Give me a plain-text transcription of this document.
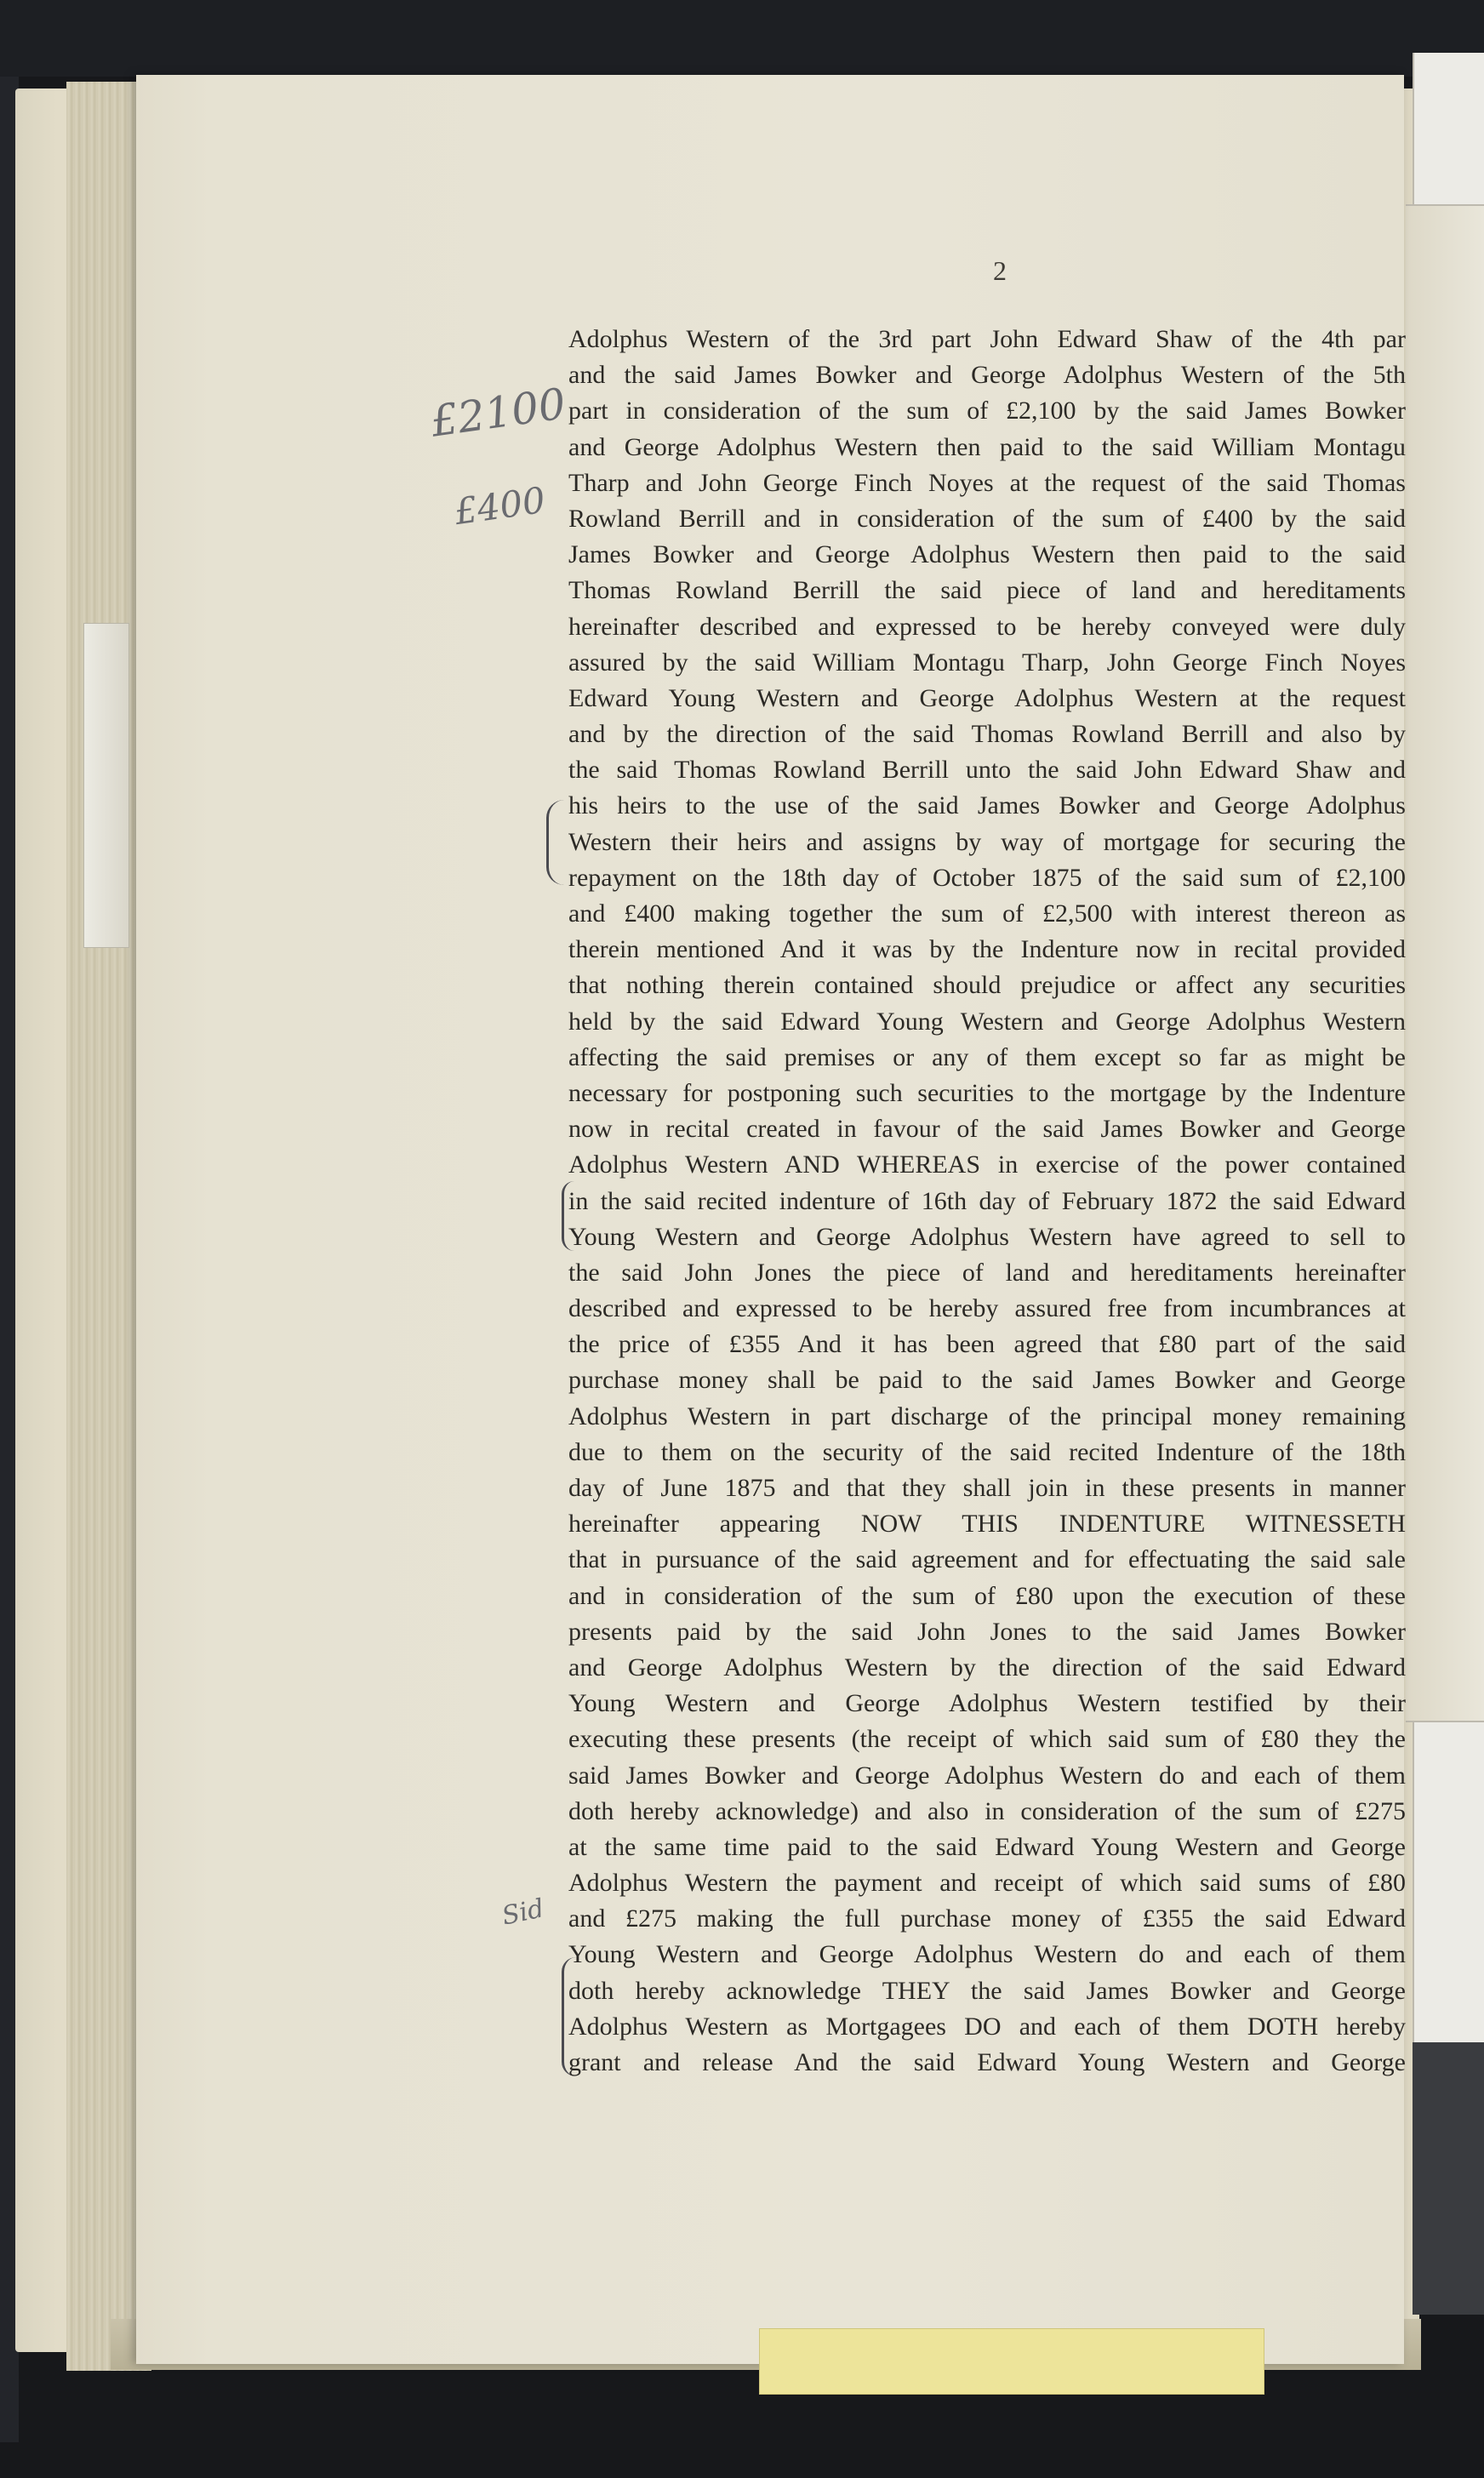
2
£2100
£400
Sid
Adolphus Western of the 3rd part John Edward Shaw of the 4th par
and the said James Bowker and George Adolphus Western of the 5th
part in consideration of the sum of £2,100 by the said James Bowker
and George Adolphus Western then paid to the said William Montagu
Tharp and John George Finch Noyes at the request of the said Thomas
Rowland Berrill and in consideration of the sum of £400 by the said
James Bowker and George Adolphus Western then paid to the said
Thomas Rowland Berrill the said piece of land and hereditaments
hereinafter described and expressed to be hereby conveyed were duly
assured by the said William Montagu Tharp, John George Finch Noyes
Edward Young Western and George Adolphus Western at the request
and by the direction of the said Thomas Rowland Berrill and also by
the said Thomas Rowland Berrill unto the said John Edward Shaw and
his heirs to the use of the said James Bowker and George Adolphus
Western their heirs and assigns by way of mortgage for securing the
repayment on the 18th day of October 1875 of the said sum of £2,100
and £400 making together the sum of £2,500 with interest thereon as
therein mentioned And it was by the Indenture now in recital provided
that nothing therein contained should prejudice or affect any securities
held by the said Edward Young Western and George Adolphus Western
affecting the said premises or any of them except so far as might be
necessary for postponing such securities to the mortgage by the Indenture
now in recital created in favour of the said James Bowker and George
Adolphus Western AND WHEREAS in exercise of the power contained
in the said recited indenture of 16th day of February 1872 the said Edward
Young Western and George Adolphus Western have agreed to sell to
the said John Jones the piece of land and hereditaments hereinafter
described and expressed to be hereby assured free from incumbrances at
the price of £355 And it has been agreed that £80 part of the said
purchase money shall be paid to the said James Bowker and George
Adolphus Western in part discharge of the principal money remaining
due to them on the security of the said recited Indenture of the 18th
day of June 1875 and that they shall join in these presents in manner
hereinafter appearing NOW THIS INDENTURE WITNESSETH
that in pursuance of the said agreement and for effectuating the said sale
and in consideration of the sum of £80 upon the execution of these
presents paid by the said John Jones to the said James Bowker
and George Adolphus Western by the direction of the said Edward
Young Western and George Adolphus Western testified by their
executing these presents (the receipt of which said sum of £80 they the
said James Bowker and George Adolphus Western do and each of them
doth hereby acknowledge) and also in consideration of the sum of £275
at the same time paid to the said Edward Young Western and George
Adolphus Western the payment and receipt of which said sums of £80
and £275 making the full purchase money of £355 the said Edward
Young Western and George Adolphus Western do and each of them
doth hereby acknowledge THEY the said James Bowker and George
Adolphus Western as Mortgagees DO and each of them DOTH hereby
grant and release And the said Edward Young Western and George
